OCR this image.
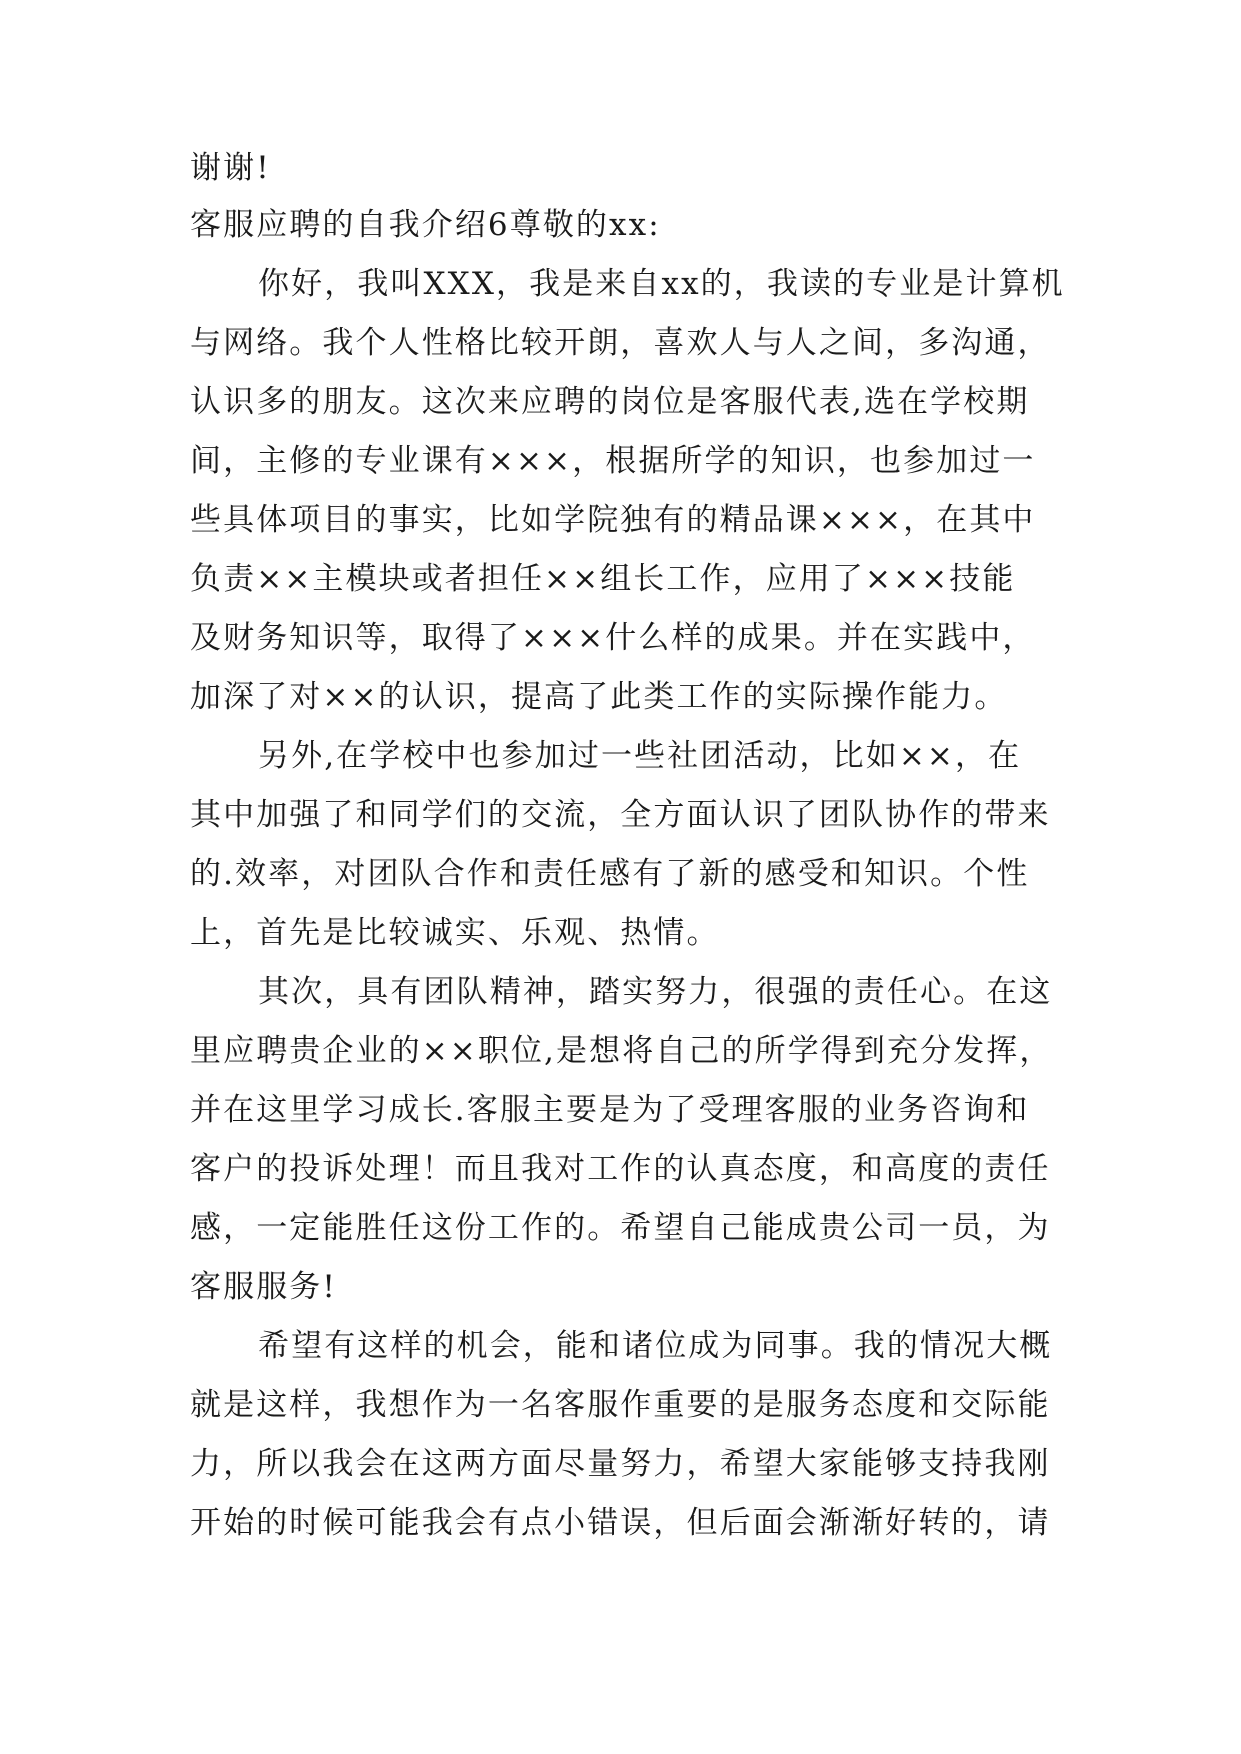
谢谢!

客服应聘的自我介绍6尊敬的xx:

你好，我叫XXX，我是来自xx的，我读的专业是计算机

与网络。我个人性格比较开朗，喜欢人与人之间，多沟通，

认识多的朋友。这次来应聘的岗位是客服代表,选在学校期

间，主修的专业课有×××，根据所学的知识，也参加过一

些具体项目的事实，比如学院独有的精品课×××，在其中

负责××主模块或者担任××组长工作，应用了×××技能

及财务知识等，取得了×××什么样的成果。并在实践中，

加深了对××的认识，提高了此类工作的实际操作能力。

另外,在学校中也参加过一些社团活动，比如××，在

其中加强了和同学们的交流，全方面认识了团队协作的带来

的.效率，对团队合作和责任感有了新的感受和知识。个性

上，首先是比较诚实、乐观、热情。

其次，具有团队精神，踏实努力，很强的责任心。在这

里应聘贵企业的××职位,是想将自己的所学得到充分发挥，

并在这里学习成长.客服主要是为了受理客服的业务咨询和

客户的投诉处理！而且我对工作的认真态度，和高度的责任

感，一定能胜任这份工作的。希望自己能成贵公司一员，为

客服服务!

希望有这样的机会，能和诸位成为同事。我的情况大概

就是这样，我想作为一名客服作重要的是服务态度和交际能

力，所以我会在这两方面尽量努力，希望大家能够支持我刚

开始的时候可能我会有点小错误，但后面会渐渐好转的，请
